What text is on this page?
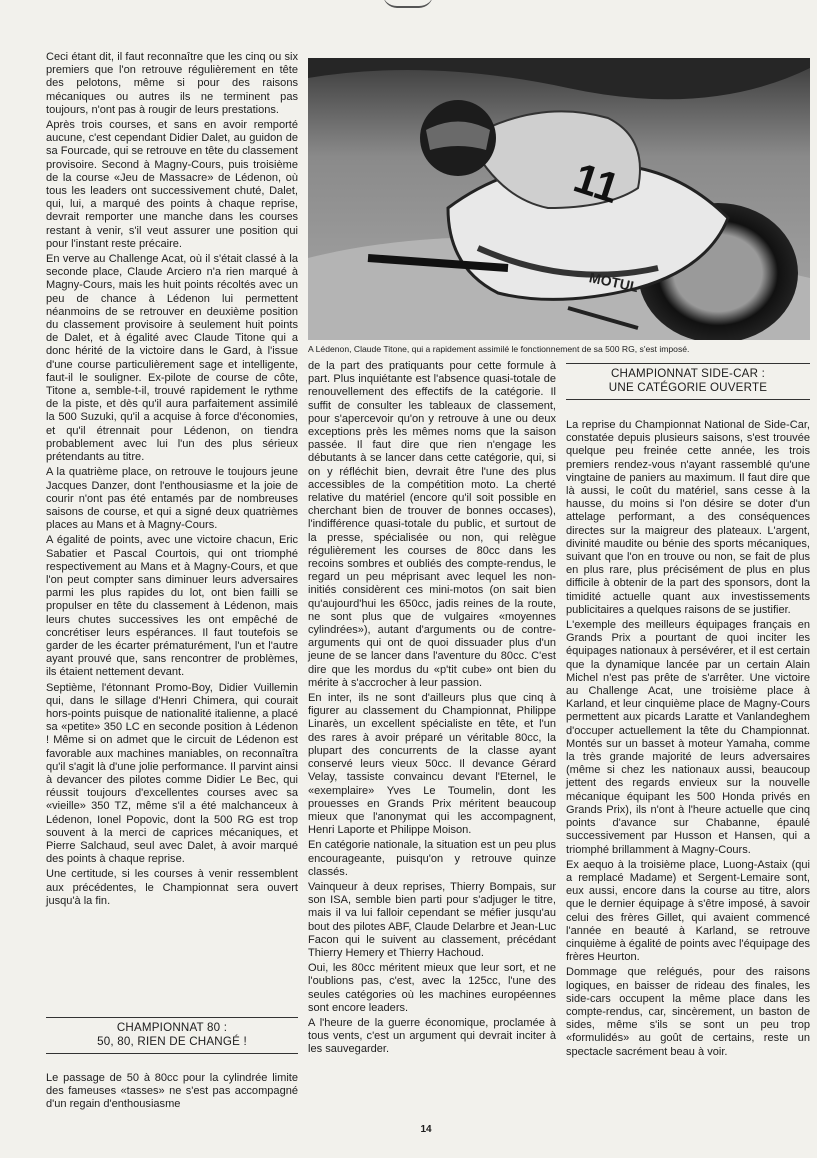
Ceci étant dit, il faut reconnaître que les cinq ou six premiers que l'on retrouve régulièrement en tête des pelotons, même si pour des raisons mécaniques ou autres ils ne terminent pas toujours, n'ont pas à rougir de leurs prestations.

Après trois courses, et sans en avoir remporté aucune, c'est cependant Didier Dalet, au guidon de sa Fourcade, qui se retrouve en tête du classement provisoire. Second à Magny-Cours, puis troisième de la course «Jeu de Massacre» de Lédenon, où tous les leaders ont successivement chuté, Dalet, qui, lui, a marqué des points à chaque reprise, devrait remporter une manche dans les courses restant à venir, s'il veut assurer une position qui pour l'instant reste précaire.

En verve au Challenge Acat, où il s'était classé à la seconde place, Claude Arciero n'a rien marqué à Magny-Cours, mais les huit points récoltés avec un peu de chance à Lédenon lui permettent néanmoins de se retrouver en deuxième position du classement provisoire à seulement huit points de Dalet, et à égalité avec Claude Titone qui a donc hérité de la victoire dans le Gard, à l'issue d'une course particulièrement sage et intelligente, faut-il le souligner. Ex-pilote de course de côte, Titone a, semble-t-il, trouvé rapidement le rythme de la piste, et dès qu'il aura parfaitement assimilé la 500 Suzuki, qu'il a acquise à force d'économies, et qu'il étrennait pour Lédenon, on tiendra probablement avec lui l'un des plus sérieux prétendants au titre.

A la quatrième place, on retrouve le toujours jeune Jacques Danzer, dont l'enthousiasme et la joie de courir n'ont pas été entamés par de nombreuses saisons de course, et qui a signé deux quatrièmes places au Mans et à Magny-Cours.

A égalité de points, avec une victoire chacun, Eric Sabatier et Pascal Courtois, qui ont triomphé respectivement au Mans et à Magny-Cours, et que l'on peut compter sans diminuer leurs adversaires parmi les plus rapides du lot, ont bien failli se propulser en tête du classement à Lédenon, mais leurs chutes successives les ont empêché de concrétiser leurs espérances. Il faut toutefois se garder de les écarter prématurément, l'un et l'autre ayant prouvé que, sans rencontrer de problèmes, ils étaient nettement devant.

Septième, l'étonnant Promo-Boy, Didier Vuillemin qui, dans le sillage d'Henri Chimera, qui courait hors-points puisque de nationalité italienne, a placé sa «petite» 350 LC en seconde position à Lédenon ! Même si on admet que le circuit de Lédenon est favorable aux machines maniables, on reconnaîtra qu'il s'agit là d'une jolie performance. Il parvint ainsi à devancer des pilotes comme Didier Le Bec, qui réussit toujours d'excellentes courses avec sa «vieille» 350 TZ, même s'il a été malchanceux à Lédenon, Ionel Popovic, dont la 500 RG est trop souvent à la merci de caprices mécaniques, et Pierre Salchaud, seul avec Dalet, à avoir marqué des points à chaque reprise.

Une certitude, si les courses à venir ressemblent aux précédentes, le Championnat sera ouvert jusqu'à la fin.

CHAMPIONNAT 80 :
50, 80, RIEN DE CHANGÉ !

Le passage de 50 à 80cc pour la cylindrée limite des fameuses «tasses» ne s'est pas accompagné d'un regain d'enthousiasme

11
MOTUL
A Lédenon, Claude Titone, qui a rapidement assimilé le fonctionnement de sa 500 RG, s'est imposé.

de la part des pratiquants pour cette formule à part. Plus inquiétante est l'absence quasi-totale de renouvellement des effectifs de la catégorie. Il suffit de consulter les tableaux de classement, pour s'apercevoir qu'on y retrouve à une ou deux exceptions près les mêmes noms que la saison passée. Il faut dire que rien n'engage les débutants à se lancer dans cette catégorie, qui, si on y réfléchit bien, devrait être l'une des plus accessibles de la compétition moto. La cherté relative du matériel (encore qu'il soit possible en cherchant bien de trouver de bonnes occases), l'indifférence quasi-totale du public, et surtout de la presse, spécialisée ou non, qui relègue régulièrement les courses de 80cc dans les recoins sombres et oubliés des compte-rendus, le regard un peu méprisant avec lequel les non-initiés considèrent ces mini-motos (on sait bien qu'aujourd'hui les 650cc, jadis reines de la route, ne sont plus que de vulgaires «moyennes cylindrées»), autant d'arguments ou de contre-arguments qui ont de quoi dissuader plus d'un jeune de se lancer dans l'aventure du 80cc. C'est dire que les mordus du «p'tit cube» ont bien du mérite à s'accrocher à leur passion.

En inter, ils ne sont d'ailleurs plus que cinq à figurer au classement du Championnat, Philippe Linarès, un excellent spécialiste en tête, et l'un des rares à avoir préparé un véritable 80cc, la plupart des concurrents de la classe ayant conservé leurs vieux 50cc. Il devance Gérard Velay, tassiste convaincu devant l'Eternel, le «exemplaire» Yves Le Toumelin, dont les prouesses en Grands Prix méritent beaucoup mieux que l'anonymat qui les accompagnent, Henri Laporte et Philippe Moison.

En catégorie nationale, la situation est un peu plus encourageante, puisqu'on y retrouve quinze classés.

Vainqueur à deux reprises, Thierry Bompais, sur son ISA, semble bien parti pour s'adjuger le titre, mais il va lui falloir cependant se méfier jusqu'au bout des pilotes ABF, Claude Delarbre et Jean-Luc Facon qui le suivent au classement, précédant Thierry Hemery et Thierry Hachoud.

Oui, les 80cc méritent mieux que leur sort, et ne l'oublions pas, c'est, avec la 125cc, l'une des seules catégories où les machines européennes sont encore leaders.

A l'heure de la guerre économique, proclamée à tous vents, c'est un argument qui devrait inciter à les sauvegarder.

CHAMPIONNAT SIDE-CAR :
UNE CATÉGORIE OUVERTE

La reprise du Championnat National de Side-Car, constatée depuis plusieurs saisons, s'est trouvée quelque peu freinée cette année, les trois premiers rendez-vous n'ayant rassemblé qu'une vingtaine de paniers au maximum. Il faut dire que là aussi, le coût du matériel, sans cesse à la hausse, du moins si l'on désire se doter d'un attelage performant, a des conséquences directes sur la maigreur des plateaux. L'argent, divinité maudite ou bénie des sports mécaniques, suivant que l'on en trouve ou non, se fait de plus en plus rare, plus précisément de plus en plus difficile à obtenir de la part des sponsors, dont la timidité actuelle quant aux investissements publicitaires a quelques raisons de se justifier.

L'exemple des meilleurs équipages français en Grands Prix a pourtant de quoi inciter les équipages nationaux à persévérer, et il est certain que la dynamique lancée par un certain Alain Michel n'est pas prête de s'arrêter. Une victoire au Challenge Acat, une troisième place à Karland, et leur cinquième place de Magny-Cours permettent aux picards Laratte et Vanlandeghem d'occuper actuellement la tête du Championnat. Montés sur un basset à moteur Yamaha, comme la très grande majorité de leurs adversaires (même si chez les nationaux aussi, beaucoup jettent des regards envieux sur la nouvelle mécanique équipant les 500 Honda privés en Grands Prix), ils n'ont à l'heure actuelle que cinq points d'avance sur Chabanne, épaulé successivement par Husson et Hansen, qui a triomphé brillamment à Magny-Cours.

Ex aequo à la troisième place, Luong-Astaix (qui a remplacé Madame) et Sergent-Lemaire sont, eux aussi, encore dans la course au titre, alors que le dernier équipage à s'être imposé, à savoir celui des frères Gillet, qui avaient commencé l'année en beauté à Karland, se retrouve cinquième à égalité de points avec l'équipage des frères Heurton.

Dommage que relégués, pour des raisons logiques, en baisser de rideau des finales, les side-cars occupent la même place dans les compte-rendus, car, sincèrement, un baston de sides, même s'ils se sont un peu trop «formulidés» au goût de certains, reste un spectacle sacrément beau à voir.

14
